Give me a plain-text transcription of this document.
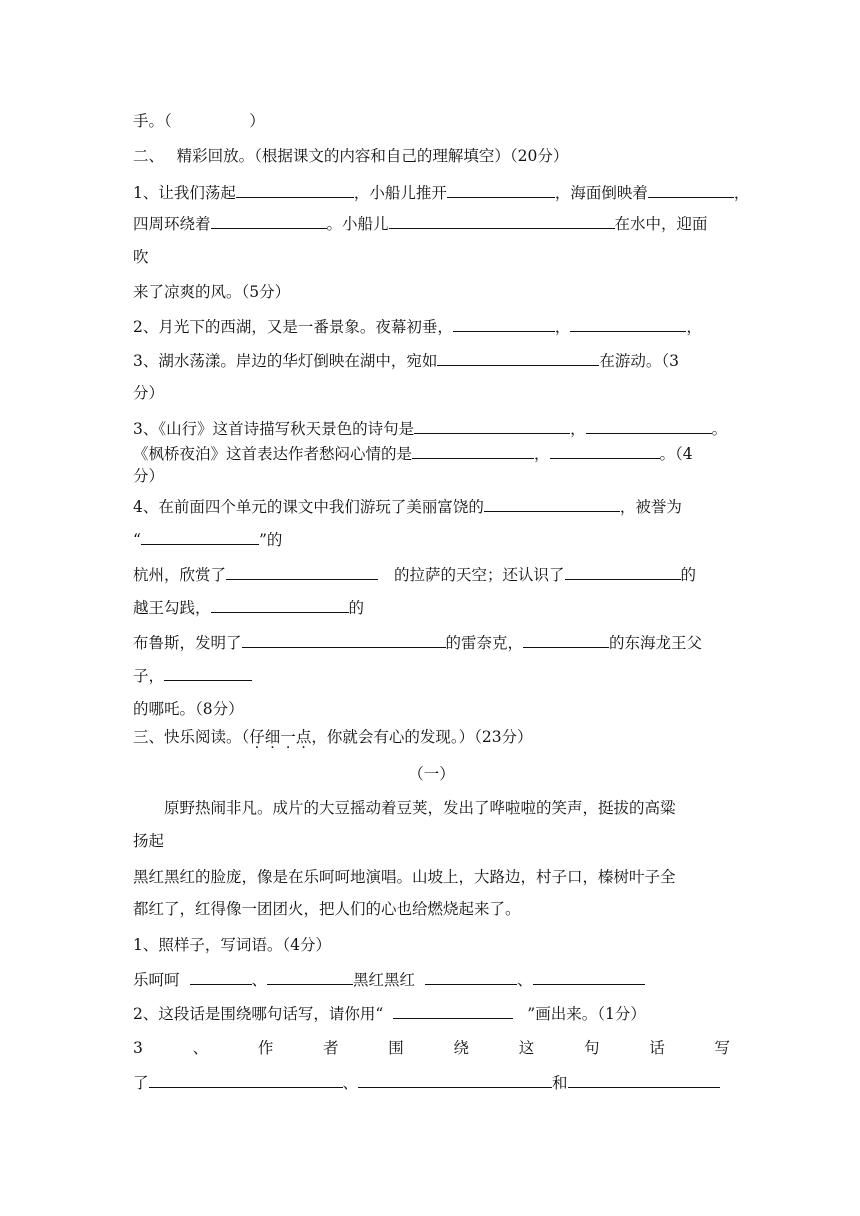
手。（　　　　　）
二、　 精彩回放。（根据课文的内容和自己的理解填空）（20分）
1、让我们荡起	，小船儿推开	，海面倒映着	，
四周环绕着	。小船儿	在水中，迎面
吹
来了凉爽的风。（5分）
2、月光下的西湖，又是一番景象。夜幕初垂，	，	，
3、湖水荡漾。岸边的华灯倒映在湖中，宛如	在游动。（3
分）
3、《山行》这首诗描写秋天景色的诗句是	，	。
《枫桥夜泊》这首表达作者愁闷心情的是	，	。（4
分）
4、在前面四个单元的课文中我们游玩了美丽富饶的	，被誉为
“	”的
杭州，欣赏了	的拉萨的天空；还认识了	的
越王勾践，	的
布鲁斯，发明了	的雷奈克，	的东海龙王父
子，
的哪吒。（8分）
三、快乐阅读。（仔细一点，你就会有心的发现。）（23分）
（一）
原野热闹非凡。成片的大豆摇动着豆荚，发出了哗啦啦的笑声，挺拔的高粱
扬起
黑红黑红的脸庞，像是在乐呵呵地演唱。山坡上，大路边，村子口，榛树叶子全
都红了，红得像一团团火，把人们的心也给燃烧起来了。
1、照样子，写词语。（4分）
乐呵呵	、	黑红黑红	、
2、这段话是围绕哪句话写，请你用“	”画出来。（1分）
3	、	作	者	围	绕	这	句	话	写
了	、	和
